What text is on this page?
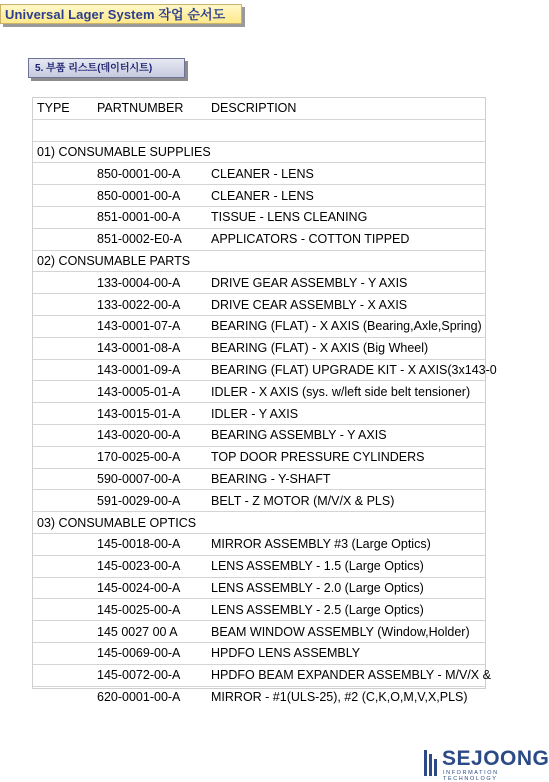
Universal Lager System 작업 순서도
5. 부품 리스트(데이터시트)
TYPE	PARTNUMBER	DESCRIPTION

01) CONSUMABLE SUPPLIES		
	850-0001-00-A	CLEANER - LENS
	850-0001-00-A	CLEANER - LENS
	851-0001-00-A	TISSUE - LENS CLEANING
	851-0002-E0-A	APPLICATORS - COTTON TIPPED
02) CONSUMABLE PARTS		
	133-0004-00-A	DRIVE GEAR ASSEMBLY - Y AXIS
	133-0022-00-A	DRIVE CEAR ASSEMBLY - X AXIS
	143-0001-07-A	BEARING (FLAT) - X AXIS (Bearing,Axle,Spring)
	143-0001-08-A	BEARING (FLAT) - X AXIS (Big Wheel)
	143-0001-09-A	BEARING (FLAT) UPGRADE KIT - X AXIS(3x143-0
	143-0005-01-A	IDLER - X AXIS (sys. w/left side belt tensioner)
	143-0015-01-A	IDLER - Y AXIS
	143-0020-00-A	BEARING ASSEMBLY - Y AXIS
	170-0025-00-A	TOP DOOR PRESSURE CYLINDERS
	590-0007-00-A	BEARING - Y-SHAFT
	591-0029-00-A	BELT - Z MOTOR (M/V/X & PLS)
03) CONSUMABLE OPTICS		
	145-0018-00-A	MIRROR ASSEMBLY #3 (Large Optics)
	145-0023-00-A	LENS ASSEMBLY - 1.5 (Large Optics)
	145-0024-00-A	LENS ASSEMBLY - 2.0 (Large Optics)
	145-0025-00-A	LENS ASSEMBLY - 2.5 (Large Optics)
	145 0027 00 A	BEAM WINDOW ASSEMBLY (Window,Holder)
	145-0069-00-A	HPDFO LENS ASSEMBLY
	145-0072-00-A	HPDFO BEAM EXPANDER ASSEMBLY - M/V/X &
	620-0001-00-A	MIRROR - #1(ULS-25), #2 (C,K,O,M,V,X,PLS)
SEJOONG
INFORMATION TECHNOLOGY
